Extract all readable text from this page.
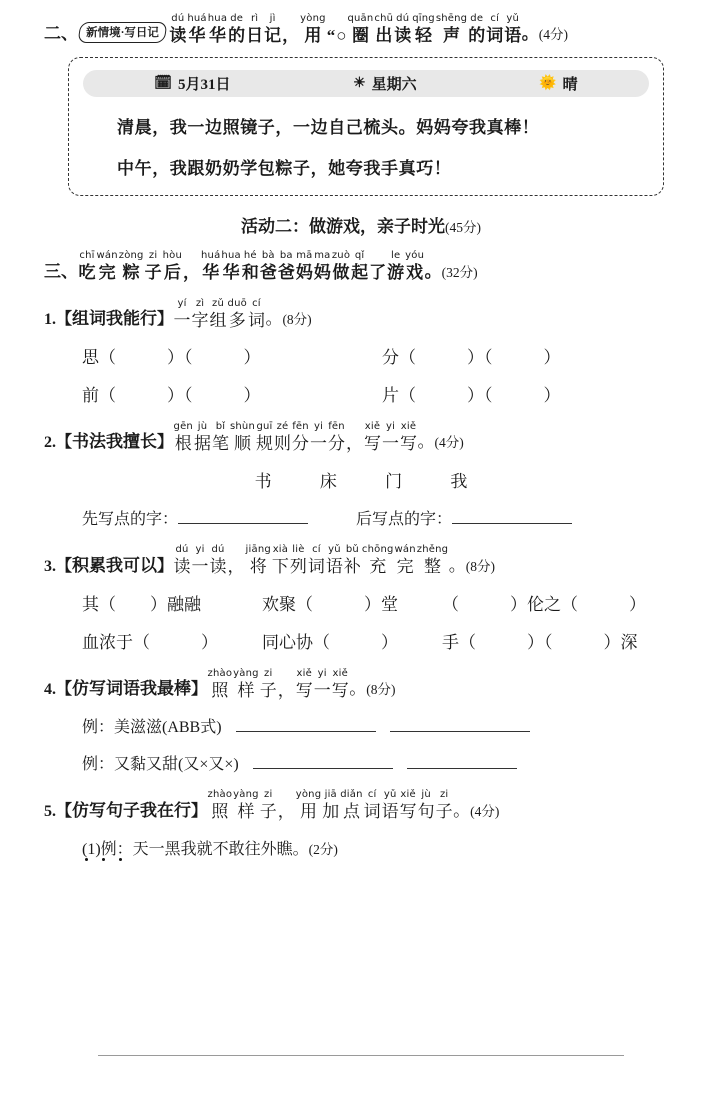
二、 新情境·写日记
dú
读
huá
华
hua
华
de
的
rì
日
jì
记 ，
yòng
用 “ ○
quān
圈
chū
出
dú
读
qīng
轻
shēng
声
de
的
cí
词
yǔ
语 。 (4分)
🗓 5月31日	☀ 星期六	🌞 晴
清晨，我一边照镜子，一边自己梳头。妈妈夸我真棒！
中午，我跟奶奶学包粽子，她夸我手真巧！
活动二：做游戏，亲子时光(45分)
三、
chī
吃
wán
完
zòng
粽
zi
子
hòu
后 ，
huá
华
hua
华
hé
和
bà
爸
ba
爸
mā
妈
ma
妈
zuò
做
qǐ
起 了
le
游
yóu
戏 。 (32分)
1. 【 组词我能行 】
yí
一
zì
字
zǔ
组
duō
多
cí
词 。 (8分)
思（　　　）（　　　）	分（　　　）（　　　）
前（　　　）（　　　）	片（　　　）（　　　）
2. 【 书法我擅长 】
gēn
根
jù
据
bǐ
笔
shùn
顺
guī
规
zé
则
fēn
分
yi
一
fēn
分 ，
xiě
写
yi
一
xiě
写 。 (4分)
书 床 门 我
先写点的字：	后写点的字：
3. 【 积累我可以 】
dú
读
yi
一
dú
读 ，
jiāng
将
xià
下
liè
列
cí
词
yǔ
语
bǔ
补
chōng
充
wán
完
zhěng
整 。 (8分)
其（　　）融融	欢聚（　　　）堂	（　　　）伦之（　　　）
血浓于（　　　）	同心协（　　　）	手（　　　）（　　　）深
4. 【 仿写词语我最棒 】
zhào
照
yàng
样
zi
子 ，
xiě
写
yi
一
xiě
写 。 (8分)
例：美滋滋(ABB式)
例：又黏又甜(又×又×)
5. 【 仿写句子我在行 】
zhào
照
yàng
样
zi
子 ，
yòng
用
jiā
加
diǎn
点
cí
词
yǔ
语
xiě
写
jù
句
zi
子 。 (4分)
(1)例：天一黑我就不敢往外瞧。(2分)
